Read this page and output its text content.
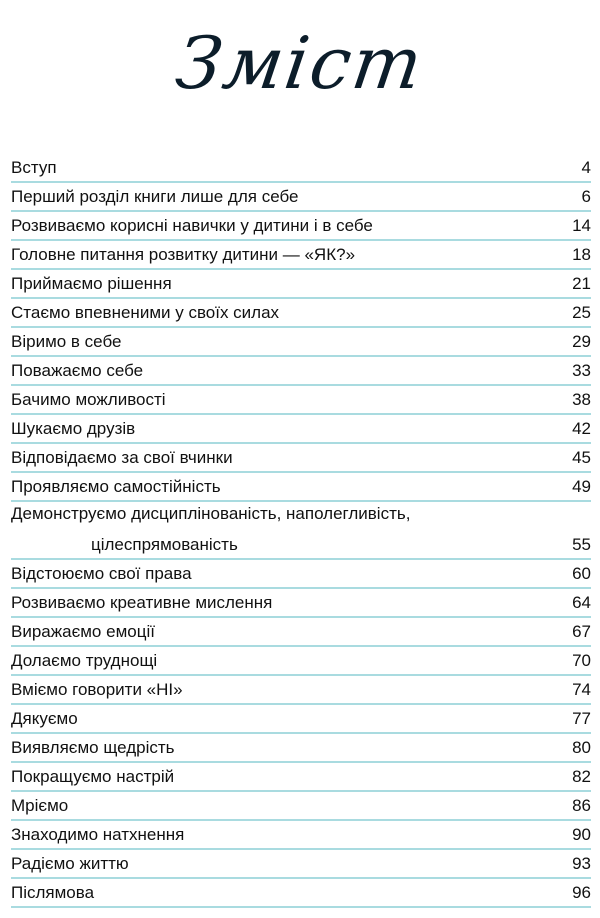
Зміст
Вступ	4
Перший розділ книги лише для себе	6
Розвиваємо корисні навички у дитини і в себе	14
Головне питання розвитку дитини — «ЯК?»	18
Приймаємо рішення	21
Стаємо впевненими у своїх силах	25
Віримо в себе	29
Поважаємо себе	33
Бачимо можливості	38
Шукаємо друзів	42
Відповідаємо за свої вчинки	45
Проявляємо самостійність	49
Демонструємо дисциплінованість, наполегливість,
цілеспрямованість	55
Відстоюємо свої права	60
Розвиваємо креативне мислення	64
Виражаємо емоції	67
Долаємо труднощі	70
Вміємо говорити «НІ»	74
Дякуємо	77
Виявляємо щедрість	80
Покращуємо настрій	82
Мріємо	86
Знаходимо натхнення	90
Радіємо життю	93
Післямова	96
